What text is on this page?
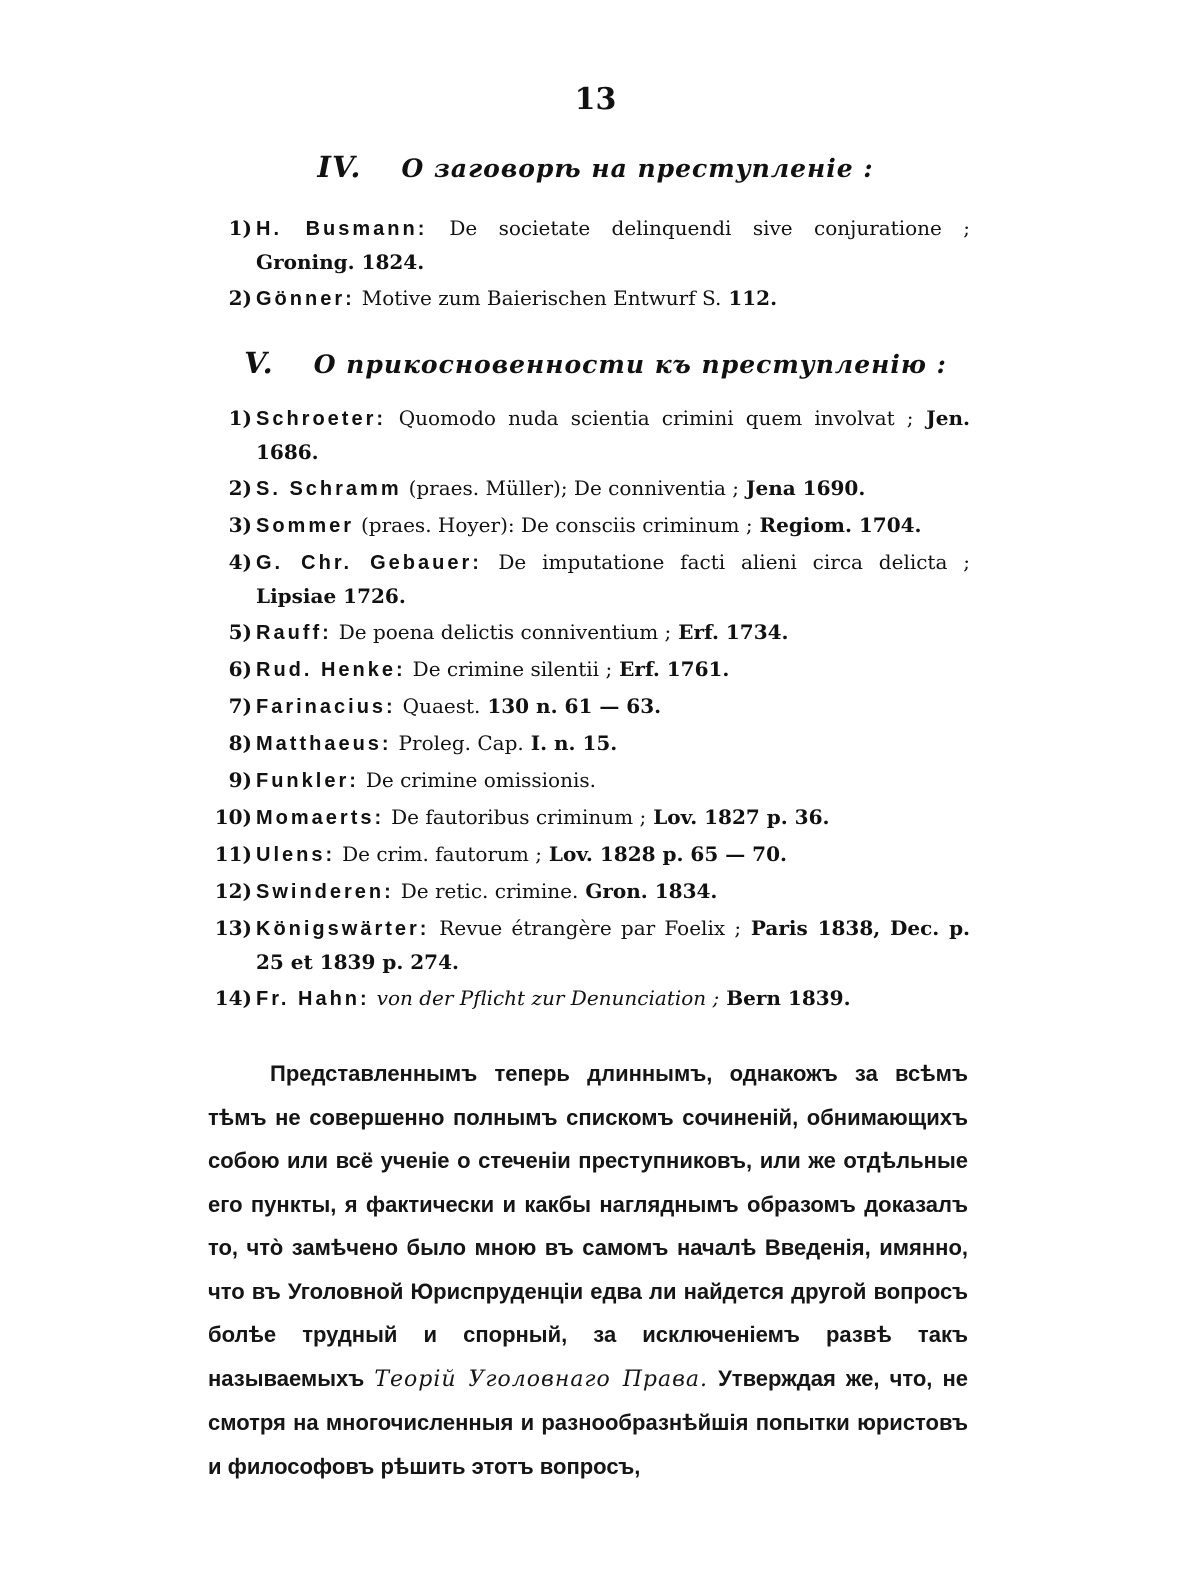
13
IV. О заговорѣ на преступленіе :
1) H. Busmann: De societate delinquendi sive conjuratione ; Groning. 1824.
2) Gönner: Motive zum Baierischen Entwurf S. 112.
V. О прикосновенности къ преступленію :
1) Schroeter: Quomodo nuda scientia crimini quem involvat ; Jen. 1686.
2) S. Schramm (praes. Müller); De conniventia ; Jena 1690.
3) Sommer (praes. Hoyer): De consciis criminum ; Regiom. 1704.
4) G. Chr. Gebauer: De imputatione facti alieni circa delicta ; Lipsiae 1726.
5) Rauff: De poena delictis conniventium ; Erf. 1734.
6) Rud. Henke: De crimine silentii ; Erf. 1761.
7) Farinacius: Quaest. 130 n. 61 — 63.
8) Matthaeus: Proleg. Cap. I. n. 15.
9) Funkler: De crimine omissionis.
10) Momaerts: De fautoribus criminum ; Lov. 1827 p. 36.
11) Ulens: De crim. fautorum ; Lov. 1828 p. 65 — 70.
12) Swinderen: De retic. crimine. Gron. 1834.
13) Königswärter: Revue étrangère par Foelix ; Paris 1838, Dec. p. 25 et 1839 p. 274.
14) Fr. Hahn: von der Pflicht zur Denunciation ; Bern 1839.

Представленнымъ теперь длиннымъ, однакожъ за всѣмъ тѣмъ не совершенно полнымъ спискомъ сочиненій, обнимающихъ собою или всё ученіе о стеченіи преступниковъ, или же отдѣльные его пункты, я фактически и какбы нагляднымъ образомъ доказалъ то, что̀ замѣчено было мною въ самомъ началѣ Введенія, имянно, что въ Уголовной Юриспруденціи едва ли найдется другой вопросъ болѣе трудный и спорный, за исключеніемъ развѣ такъ называемыхъ Теорій Уголовнаго Права. Утверждая же, что, не смотря на многочисленныя и разнообразнѣйшія попытки юристовъ и философовъ рѣшить этотъ вопросъ,
